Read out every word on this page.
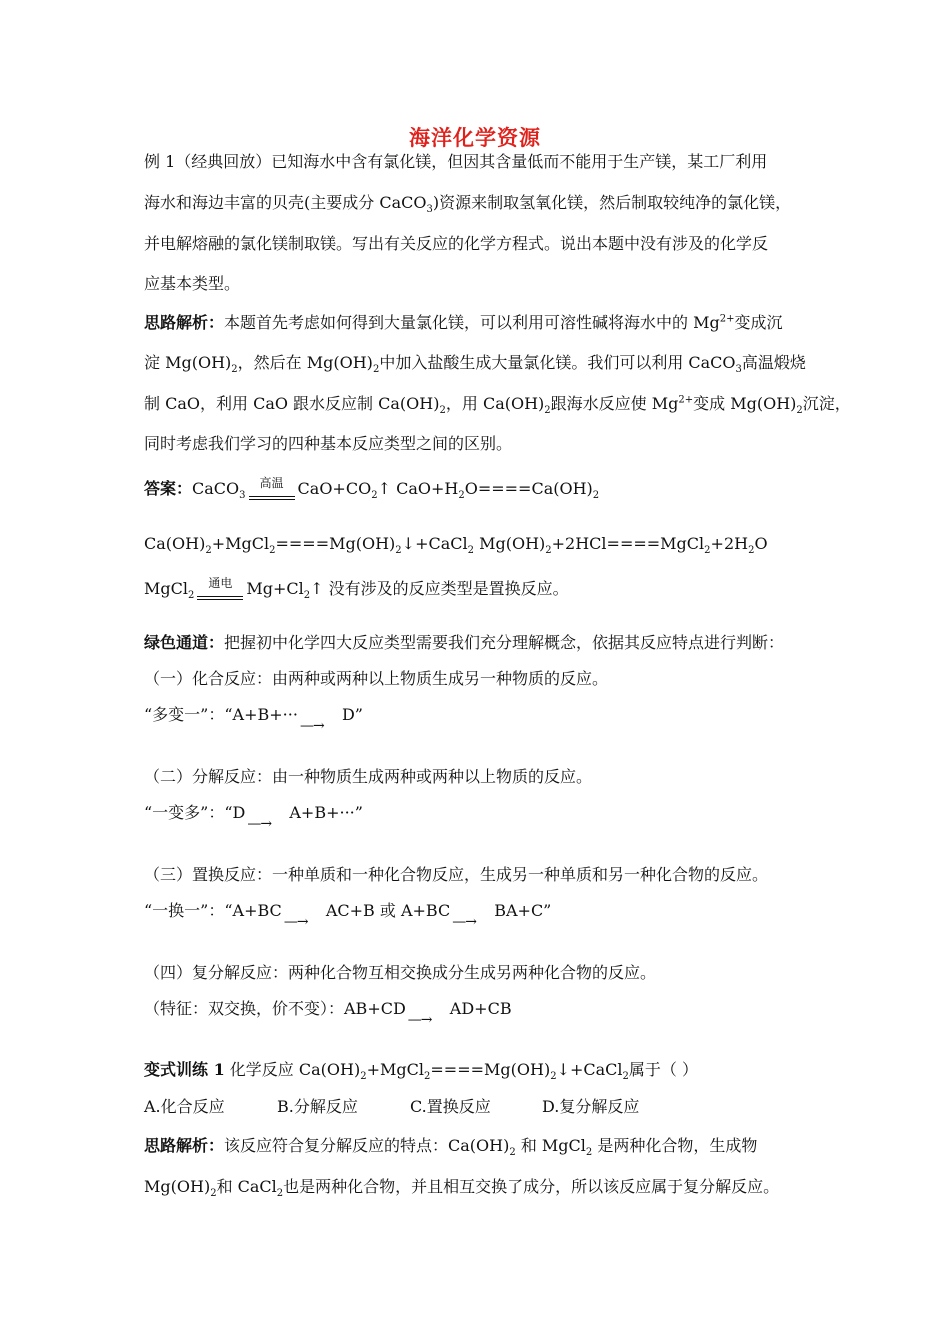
海洋化学资源
例 1（经典回放）已知海水中含有氯化镁，但因其含量低而不能用于生产镁，某工厂利用
海水和海边丰富的贝壳(主要成分 CaCO$_3$)资源来制取氢氧化镁，然后制取较纯净的氯化镁，
并电解熔融的氯化镁制取镁。写出有关反应的化学方程式。说出本题中没有涉及的化学反
应基本类型。
思路解析：本题首先考虑如何得到大量氯化镁，可以利用可溶性碱将海水中的 $Mg^{2+}$变成沉
淀 $Mg(OH)_2$，然后在 $Mg(OH)_2$中加入盐酸生成大量氯化镁。我们可以利用 CaCO$_3$高温煅烧
制 CaO，利用 CaO 跟水反应制 $Ca(OH)_2$，用 $Ca(OH)_2$跟海水反应使 $Mg^{2+}$变成 $Mg(OH)_2$沉淀，
同时考虑我们学习的四种基本反应类型之间的区别。
答案：CaCO$_3$
高温 $CaO+CO_2↑$ $CaO+H_2O====Ca(OH)_2$
$Ca(OH)_2+MgCl_2====Mg(OH)_2↓+CaCl_2$ $Mg(OH)_2+2HCl====MgCl_2+2H_2O$
MgCl$_2$
通电 $Mg+Cl_2↑$ 没有涉及的反应类型是置换反应。
绿色通道：把握初中化学四大反应类型需要我们充分理解概念，依据其反应特点进行判断：
（一）化合反应：由两种或两种以上物质生成另一种物质的反应。
“多变一”：“A+B+···
—→
D”
（二）分解反应：由一种物质生成两种或两种以上物质的反应。
“一变多”：“D
—→
A+B+···”
（三）置换反应：一种单质和一种化合物反应，生成另一种单质和另一种化合物的反应。
“一换一”：“A+BC
—→
AC+B 或 A+BC
—→
BA+C”
（四）复分解反应：两种化合物互相交换成分生成另两种化合物的反应。
（特征：双交换，价不变）：AB+CD
—→
AD+CB
变式训练 1 化学反应 $Ca(OH)_2+MgCl_2====Mg(OH)_2↓+CaCl_2$属于（ ）
A.化合反应	B.分解反应	C.置换反应	D.复分解反应
思路解析：该反应符合复分解反应的特点：$Ca(OH)_2$ 和 MgCl$_2$ 是两种化合物，生成物
$Mg(OH)_2$和 CaCl$_2$也是两种化合物，并且相互交换了成分，所以该反应属于复分解反应。
